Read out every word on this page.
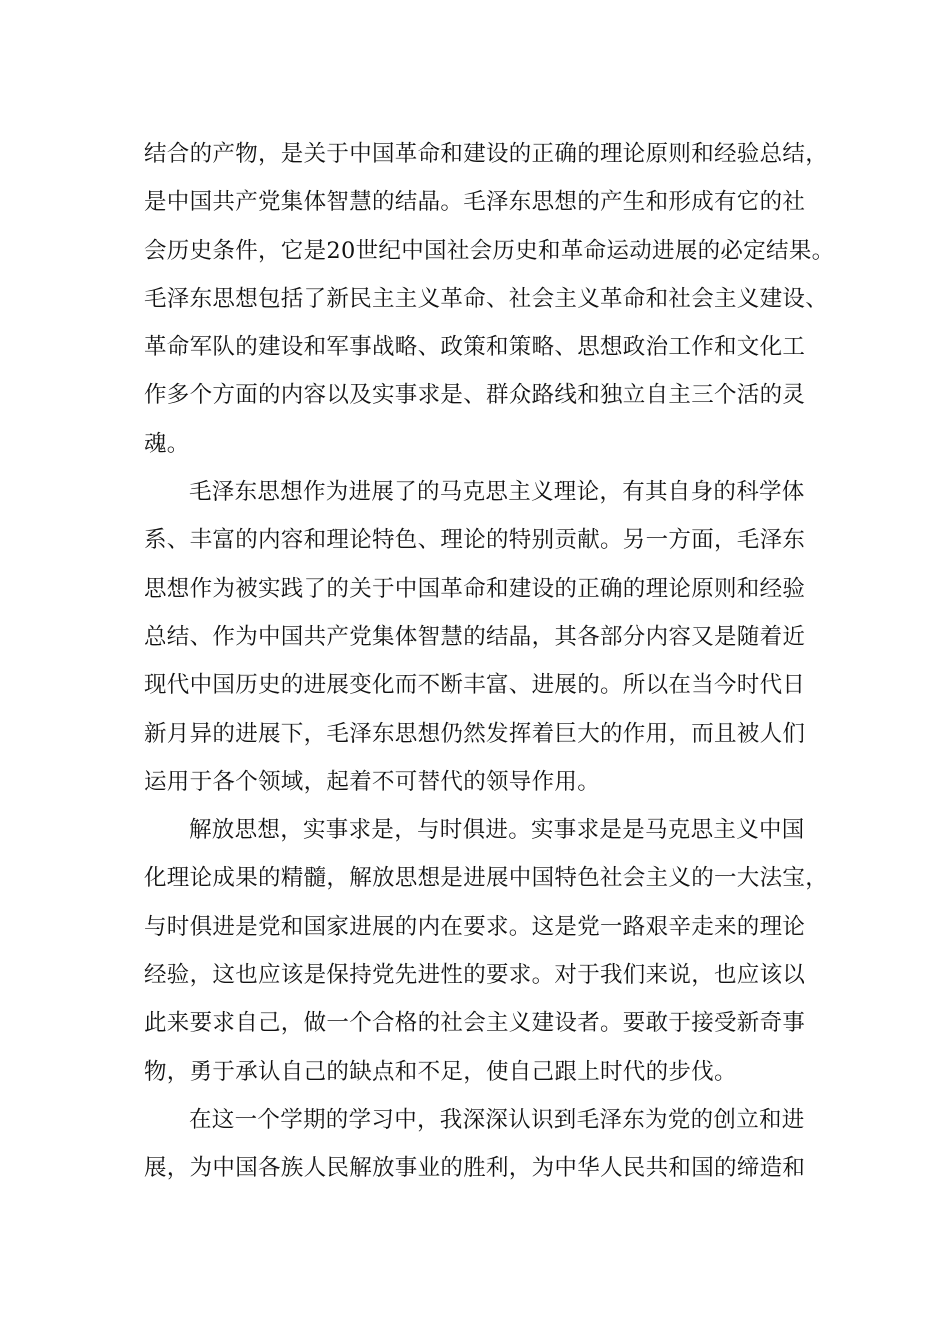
结合的产物，是关于中国革命和建设的正确的理论原则和经验总结，
是中国共产党集体智慧的结晶。毛泽东思想的产生和形成有它的社
会历史条件，它是20世纪中国社会历史和革命运动进展的必定结果。
毛泽东思想包括了新民主主义革命、社会主义革命和社会主义建设、
革命军队的建设和军事战略、政策和策略、思想政治工作和文化工
作多个方面的内容以及实事求是、群众路线和独立自主三个活的灵
魂。
毛泽东思想作为进展了的马克思主义理论，有其自身的科学体
系、丰富的内容和理论特色、理论的特别贡献。另一方面，毛泽东
思想作为被实践了的关于中国革命和建设的正确的理论原则和经验
总结、作为中国共产党集体智慧的结晶，其各部分内容又是随着近
现代中国历史的进展变化而不断丰富、进展的。所以在当今时代日
新月异的进展下，毛泽东思想仍然发挥着巨大的作用，而且被人们
运用于各个领域，起着不可替代的领导作用。
解放思想，实事求是，与时俱进。实事求是是马克思主义中国
化理论成果的精髓，解放思想是进展中国特色社会主义的一大法宝，
与时俱进是党和国家进展的内在要求。这是党一路艰辛走来的理论
经验，这也应该是保持党先进性的要求。对于我们来说，也应该以
此来要求自己，做一个合格的社会主义建设者。要敢于接受新奇事
物，勇于承认自己的缺点和不足，使自己跟上时代的步伐。
在这一个学期的学习中，我深深认识到毛泽东为党的创立和进
展，为中国各族人民解放事业的胜利，为中华人民共和国的缔造和
